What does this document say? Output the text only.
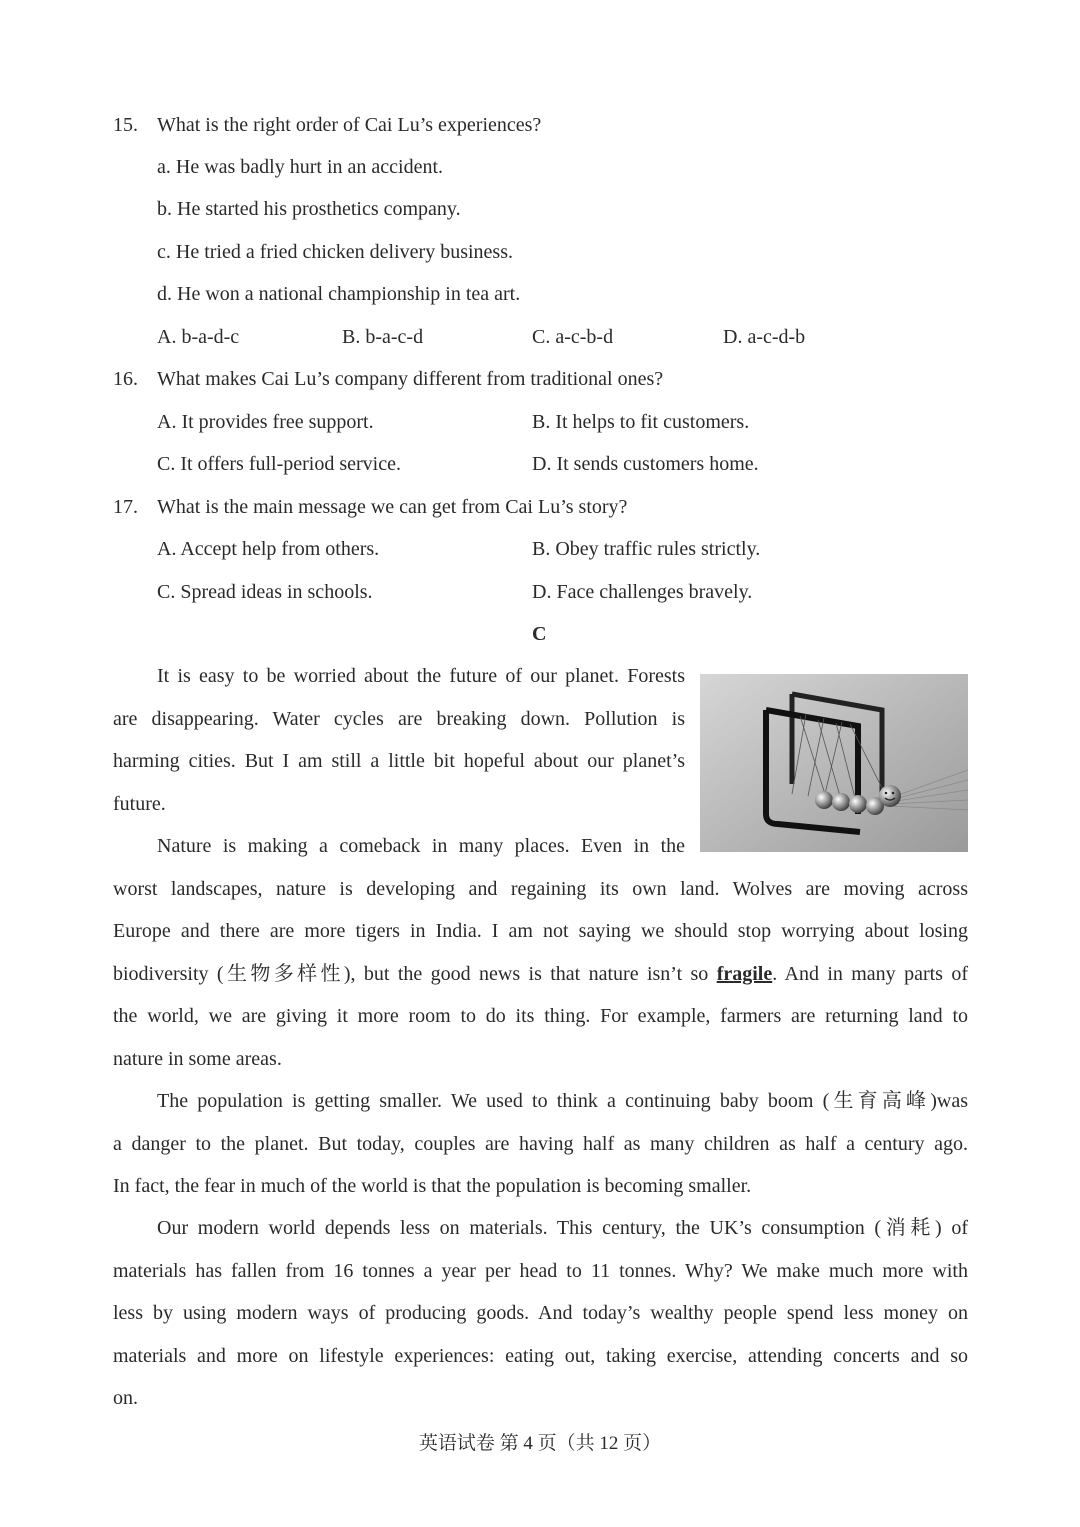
15. What is the right order of Cai Lu’s experiences?
a. He was badly hurt in an accident.
b. He started his prosthetics company.
c. He tried a fried chicken delivery business.
d. He won a national championship in tea art.
A. b-a-d-c	B. b-a-c-d	C. a-c-b-d	D. a-c-d-b
16. What makes Cai Lu’s company different from traditional ones?
A. It provides free support.	B. It helps to fit customers.
C. It offers full-period service.	D. It sends customers home.
17. What is the main message we can get from Cai Lu’s story?
A. Accept help from others.	B. Obey traffic rules strictly.
C. Spread ideas in schools.	D. Face challenges bravely.
C
It is easy to be worried about the future of our planet. Forests
are disappearing. Water cycles are breaking down. Pollution is
harming cities. But I am still a little bit hopeful about our planet’s
future.
Nature is making a comeback in many places. Even in the
worst landscapes, nature is developing and regaining its own land. Wolves are moving across
Europe and there are more tigers in India. I am not saying we should stop worrying about losing
biodiversity (生物多样性), but the good news is that nature isn’t so fragile. And in many parts of
the world, we are giving it more room to do its thing. For example, farmers are returning land to
nature in some areas.
The population is getting smaller. We used to think a continuing baby boom (生育高峰)was
a danger to the planet. But today, couples are having half as many children as half a century ago.
In fact, the fear in much of the world is that the population is becoming smaller.
Our modern world depends less on materials. This century, the UK’s consumption (消耗) of
materials has fallen from 16 tonnes a year per head to 11 tonnes. Why? We make much more with
less by using modern ways of producing goods. And today’s wealthy people spend less money on
materials and more on lifestyle experiences: eating out, taking exercise, attending concerts and so
on.
英语试卷 第 4 页（共 12 页）
